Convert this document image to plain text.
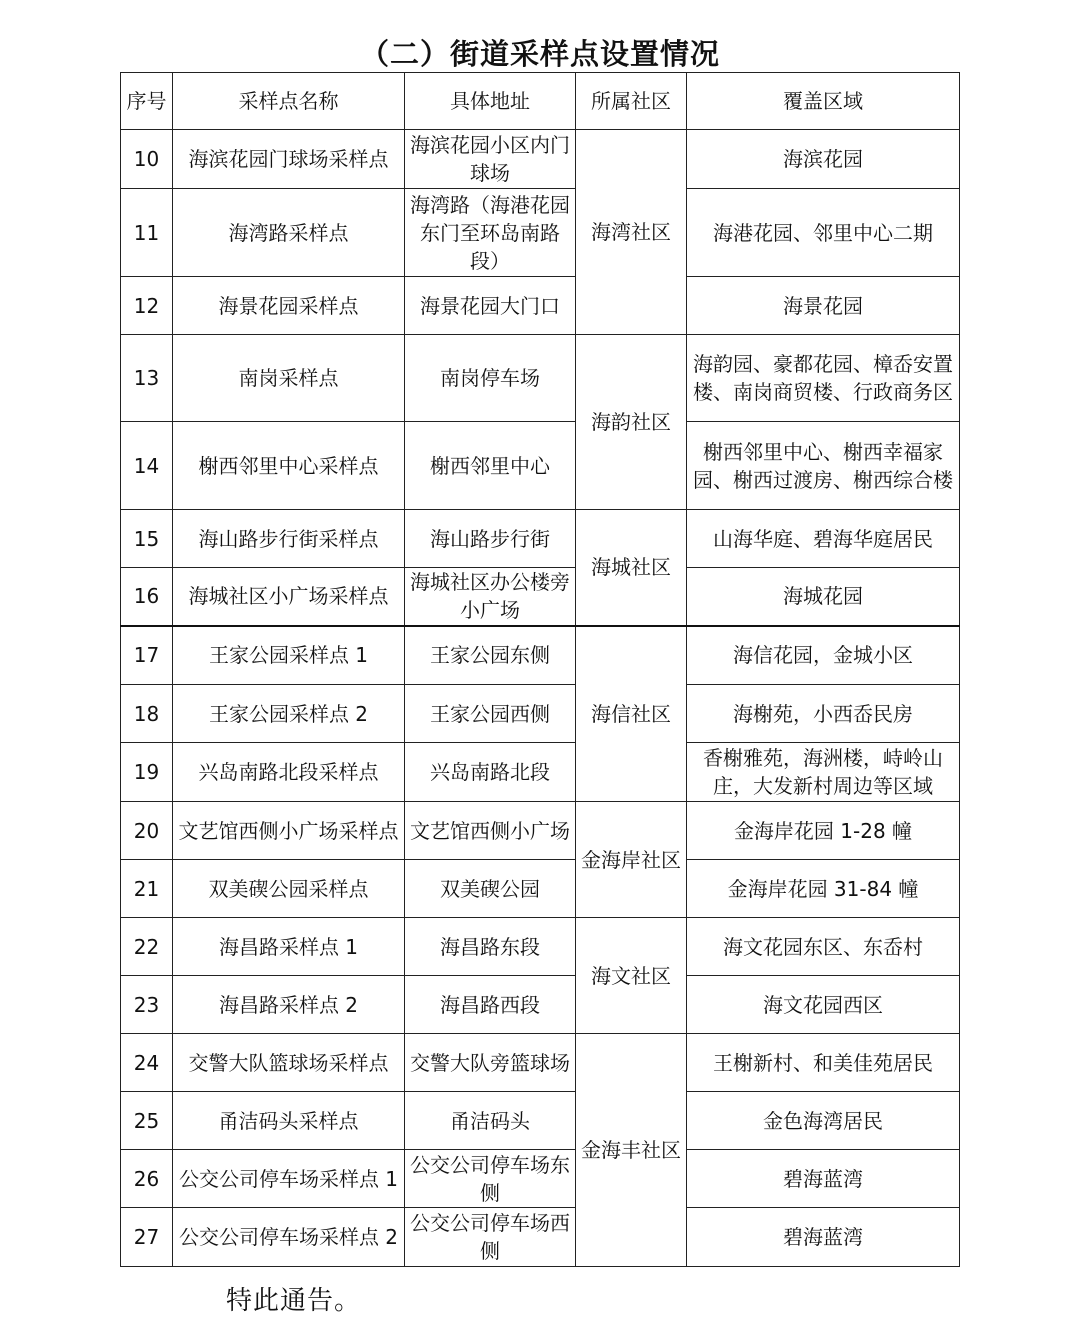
（二）街道采样点设置情况
序号	采样点名称	具体地址	所属社区	覆盖区域
10	海滨花园门球场采样点	海滨花园小区内门球场	海湾社区	海滨花园
11	海湾路采样点	海湾路（海港花园东门至环岛南路段）		海港花园、邻里中心二期
12	海景花园采样点	海景花园大门口		海景花园
13	南岗采样点	南岗停车场	海韵社区	海韵园、豪都花园、樟岙安置楼、南岗商贸楼、行政商务区
14	榭西邻里中心采样点	榭西邻里中心		榭西邻里中心、榭西幸福家园、榭西过渡房、榭西综合楼
15	海山路步行街采样点	海山路步行街	海城社区	山海华庭、碧海华庭居民
16	海城社区小广场采样点	海城社区办公楼旁小广场		海城花园
17	王家公园采样点 1	王家公园东侧	海信社区	海信花园，金城小区
18	王家公园采样点 2	王家公园西侧		海榭苑，小西岙民房
19	兴岛南路北段采样点	兴岛南路北段		香榭雅苑，海洲楼，峙岭山庄，大发新村周边等区域
20	文艺馆西侧小广场采样点	文艺馆西侧小广场	金海岸社区	金海岸花园 1-28 幢
21	双美碶公园采样点	双美碶公园		金海岸花园 31-84 幢
22	海昌路采样点 1	海昌路东段	海文社区	海文花园东区、东岙村
23	海昌路采样点 2	海昌路西段		海文花园西区
24	交警大队篮球场采样点	交警大队旁篮球场	金海丰社区	王榭新村、和美佳苑居民
25	甬洁码头采样点	甬洁码头		金色海湾居民
26	公交公司停车场采样点 1	公交公司停车场东侧		碧海蓝湾
27	公交公司停车场采样点 2	公交公司停车场西侧		碧海蓝湾
特此通告。
